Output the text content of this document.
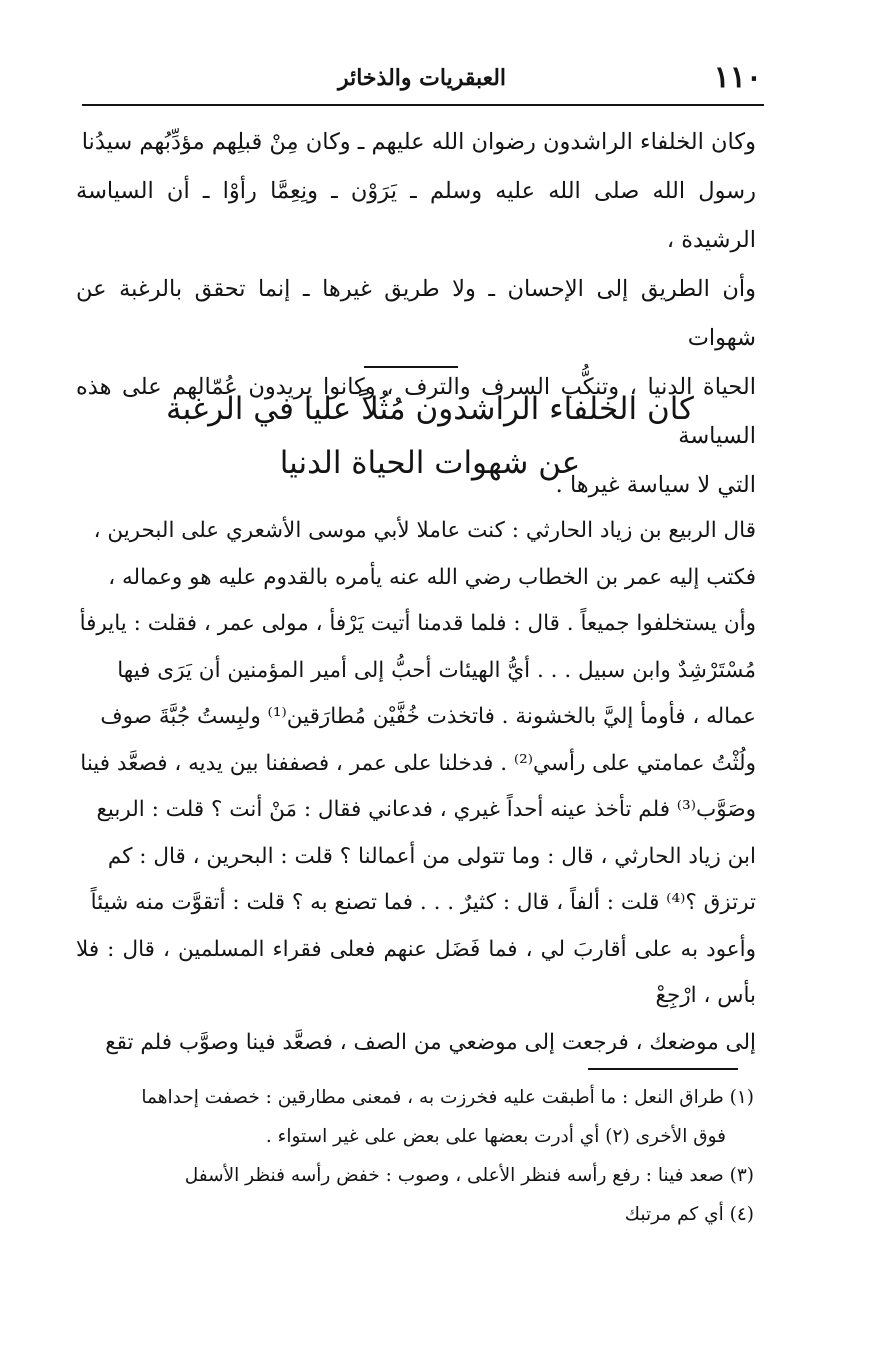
١١٠
العبقريات والذخائر
وكان الخلفاء الراشدون رضوان الله عليهم ـ وكان مِنْ قبلِهم مؤدِّبُهم سيدُنا
رسول الله صلى الله عليه وسلم ـ يَرَوْن ـ ونِعِمَّا رأوْا ـ أن السياسة الرشيدة ،
وأن الطريق إلى الإحسان ـ ولا طريق غيرها ـ إنما تحقق بالرغبة عن شهوات
الحياة الدنيا ، وتنكُّب السرف والترف ، وكانوا يريدون عُمّالهم على هذه السياسة
التي لا سياسة غيرها .
كان الخلفاء الراشدون مُثُلاً عليا في الرغبة
عن شهوات الحياة الدنيا
قال الربيع بن زياد الحارثي : كنت عاملا لأبي موسى الأشعري على البحرين ،
فكتب إليه عمر بن الخطاب رضي الله عنه يأمره بالقدوم عليه هو وعماله ،
وأن يستخلفوا جميعاً . قال : فلما قدمنا أتيت يَرْفأ ، مولى عمر ، فقلت : يايرفأ
مُسْتَرْشِدٌ وابن سبيل . . . أيُّ الهيئات أحبُّ إلى أمير المؤمنين أن يَرَى فيها
عماله ، فأومأ إليَّ بالخشونة . فاتخذت خُفَّيْن مُطارَقين⁽¹⁾ ولبِستُ جُبَّةَ صوف
ولُثْتُ عمامتي على رأسي⁽²⁾ . فدخلنا على عمر ، فصففنا بين يديه ، فصعَّد فينا
وصَوَّب⁽³⁾ فلم تأخذ عينه أحداً غيري ، فدعاني فقال : مَنْ أنت ؟ قلت : الربيع
ابن زياد الحارثي ، قال : وما تتولى من أعمالنا ؟ قلت : البحرين ، قال : كم
ترتزق ؟⁽⁴⁾ قلت : ألفاً ، قال : كثيرٌ . . . فما تصنع به ؟ قلت : أتقوَّت منه شيئاً
وأعود به على أقاربَ لي ، فما فَضَل عنهم فعلى فقراء المسلمين ، قال : فلا بأس ، ارْجِعْ
إلى موضعك ، فرجعت إلى موضعي من الصف ، فصعَّد فينا وصوَّب فلم تقع
(١) طراق النعل : ما أطبقت عليه فخرزت به ، فمعنى مطارقين : خصفت إحداهما
فوق الأخرى (٢) أي أدرت بعضها على بعض على غير استواء .
(٣) صعد فينا : رفع رأسه فنظر الأعلى ، وصوب : خفض رأسه فنظر الأسفل
(٤) أي كم مرتبك
